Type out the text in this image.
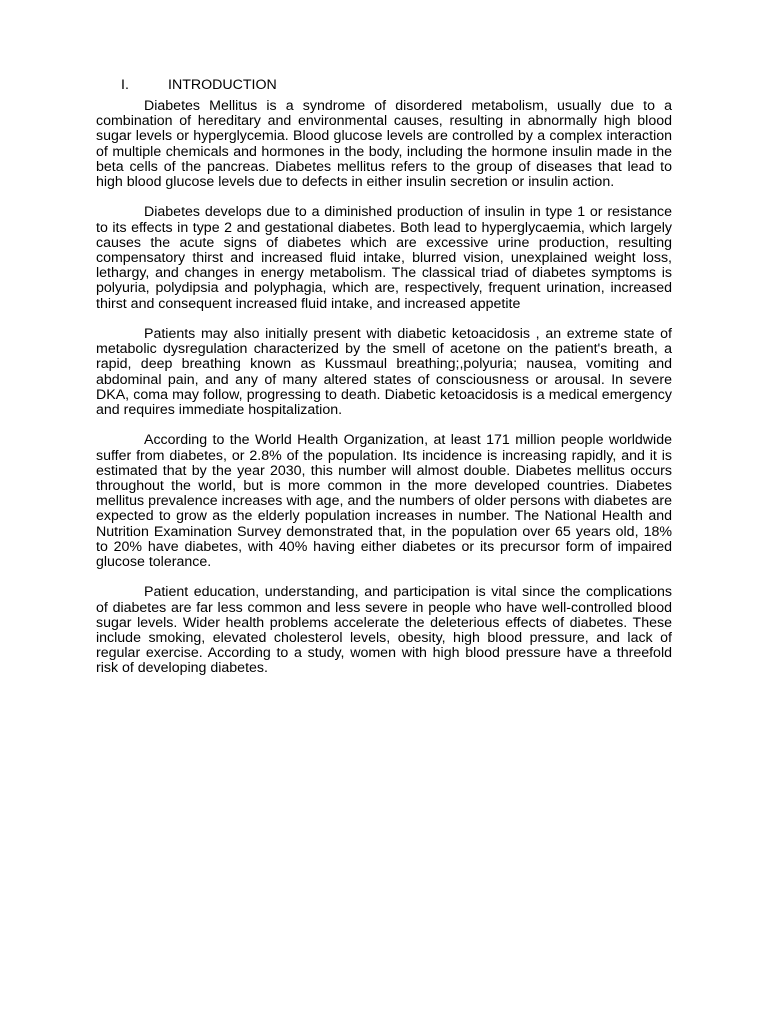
I.	INTRODUCTION

Diabetes Mellitus is a syndrome of disordered metabolism, usually due to a combination of hereditary and environmental causes, resulting in abnormally high blood sugar levels or hyperglycemia. Blood glucose levels are controlled by a complex interaction of multiple chemicals and hormones in the body, including the hormone insulin made in the beta cells of the pancreas. Diabetes mellitus refers to the group of diseases that lead to high blood glucose levels due to defects in either insulin secretion or insulin action.

Diabetes develops due to a diminished production of insulin in type 1 or resistance to its effects in type 2 and gestational diabetes. Both lead to hyperglycaemia, which largely causes the acute signs of diabetes which are excessive urine production, resulting compensatory thirst and increased fluid intake, blurred vision, unexplained weight loss, lethargy, and changes in energy metabolism. The classical triad of diabetes symptoms is polyuria, polydipsia and polyphagia, which are, respectively, frequent urination, increased thirst and consequent increased fluid intake, and increased appetite

Patients may also initially present with diabetic ketoacidosis , an extreme state of metabolic dysregulation characterized by the smell of acetone on the patient's breath, a rapid, deep breathing known as Kussmaul breathing;,polyuria; nausea, vomiting and abdominal pain, and any of many altered states of consciousness or arousal. In severe DKA, coma may follow, progressing to death. Diabetic ketoacidosis is a medical emergency and requires immediate hospitalization.

According to the World Health Organization, at least 171 million people worldwide suffer from diabetes, or 2.8% of the population. Its incidence is increasing rapidly, and it is estimated that by the year 2030, this number will almost double. Diabetes mellitus occurs throughout the world, but is more common in the more developed countries. Diabetes mellitus prevalence increases with age, and the numbers of older persons with diabetes are expected to grow as the elderly population increases in number. The National Health and Nutrition Examination Survey demonstrated that, in the population over 65 years old, 18% to 20% have diabetes, with 40% having either diabetes or its precursor form of impaired glucose tolerance.

Patient education, understanding, and participation is vital since the complications of diabetes are far less common and less severe in people who have well-controlled blood sugar levels. Wider health problems accelerate the deleterious effects of diabetes. These include smoking, elevated cholesterol levels, obesity, high blood pressure, and lack of regular exercise. According to a study, women with high blood pressure have a threefold risk of developing diabetes.
